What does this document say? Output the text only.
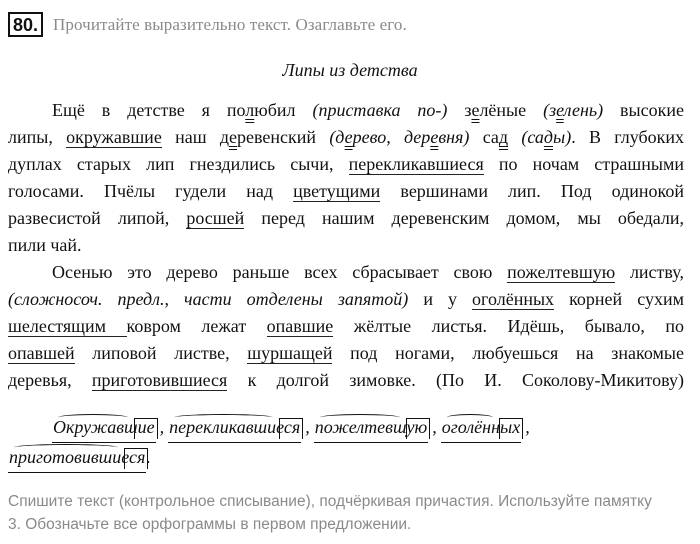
80. Прочитайте выразительно текст. Озаглавьте его.
Липы из детства
Ещё в детстве я полюбил (приставка по-) зелёные (зелень) высокие
липы, окружавшие наш деревенский (дерево, деревня) сад (сады). В глубоких
дуплах старых лип гнездились сычи, перекликавшиеся по ночам страшными
голосами. Пчёлы гудели над цветущими вершинами лип. Под одинокой
развесистой липой, росшей перед нашим деревенским домом, мы обедали,
пили чай.
Осенью это дерево раньше всех сбрасывает свою пожелтевшую листву,
(сложносоч. предл., части отделены запятой) и у оголённых корней сухим
шелестящим ковром лежат опавшие жёлтые листья. Идёшь, бывало, по
опавшей липовой листве, шуршащей под ногами, любуешься на знакомые
деревья, приготовившиеся к долгой зимовке. (По И. Соколову-Микитову)
Окружавшие , перекликавшиеся , пожелтевшую , оголённых ,
приготовившиеся.
Спишите текст (контрольное списывание), подчёркивая причастия. Используйте памятку
3. Обозначьте все орфограммы в первом предложении.
